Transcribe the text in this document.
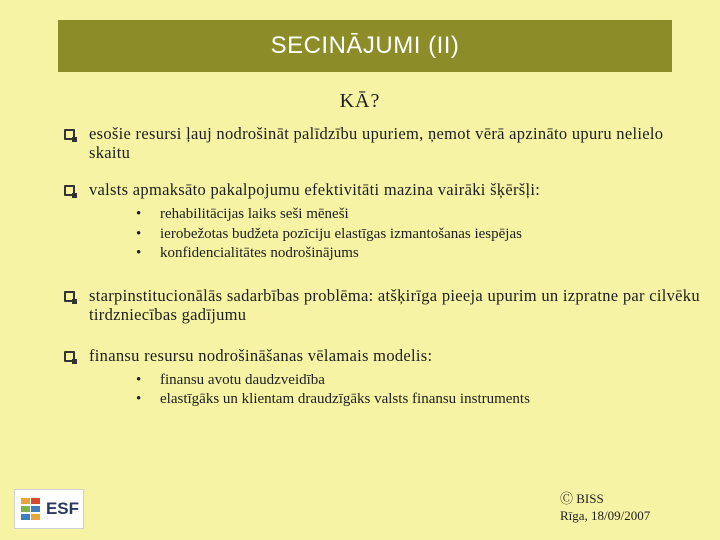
SECINĀJUMI (II)
KĀ?
esošie resursi ļauj nodrošināt palīdzību upuriem, ņemot vērā apzināto upuru nelielo skaitu
valsts apmaksāto pakalpojumu efektivitāti mazina vairāki šķēršļi:
•	rehabilitācijas laiks seši mēneši
•	ierobežotas budžeta pozīciju elastīgas izmantošanas iespējas
•	konfidencialitātes nodrošinājums
starpinstitucionālās sadarbības problēma: atšķirīga pieeja upurim un izpratne par cilvēku tirdzniecības gadījumu
finansu resursu nodrošināšanas vēlamais modelis:
•	finansu avotu daudzveidība
•	elastīgāks un klientam draudzīgāks valsts finansu instruments
ESF
Ⓒ BISS
Rīga, 18/09/2007
